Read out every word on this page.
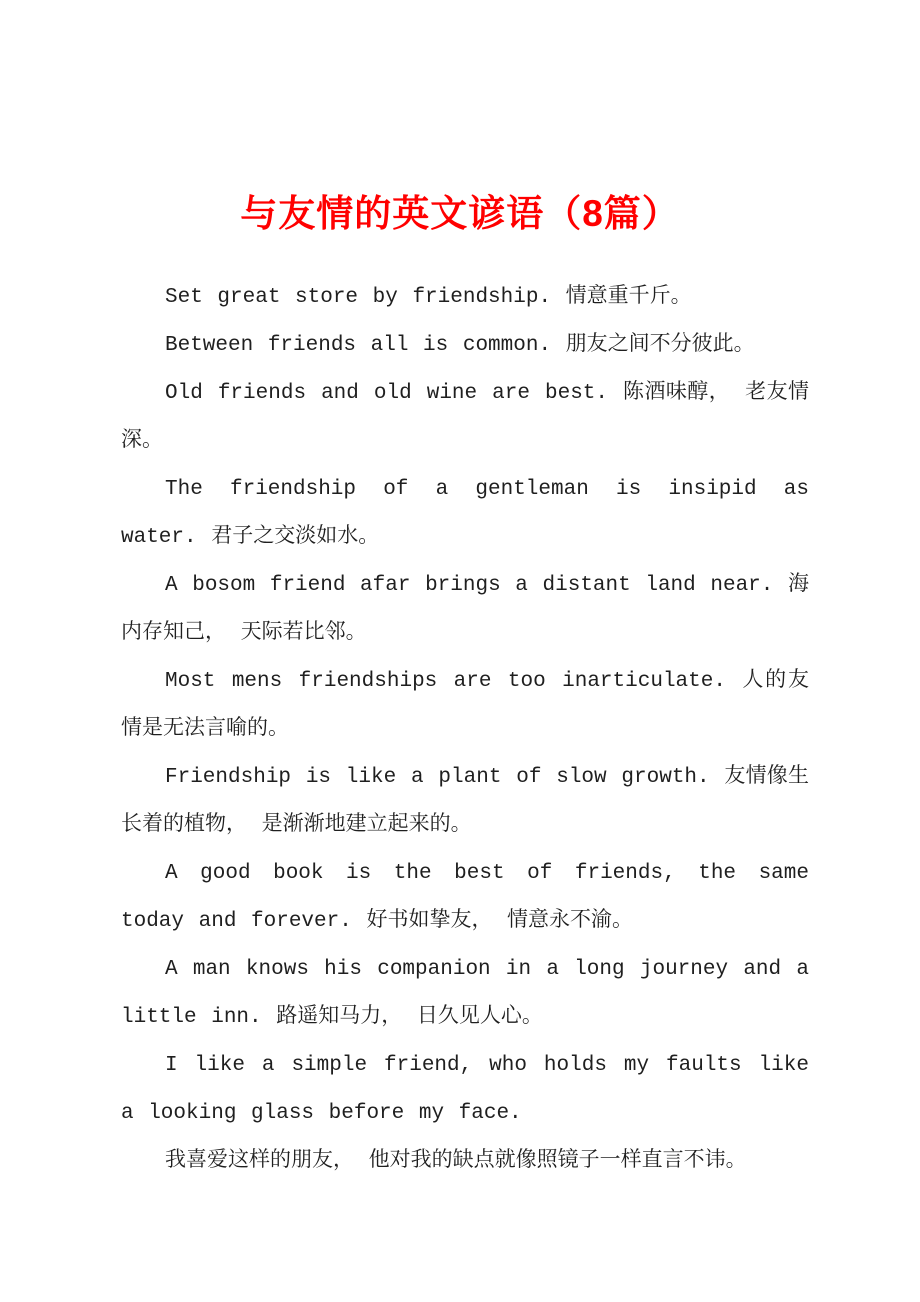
与友情的英文谚语（8篇）

Set great store by friendship. 情意重千斤。

Between friends all is common. 朋友之间不分彼此。

Old friends and old wine are best. 陈酒味醇， 老友情深。

The friendship of a gentleman is insipid as water. 君子之交淡如水。

A bosom friend afar brings a distant land near. 海内存知己， 天际若比邻。

Most mens friendships are too inarticulate. 人的友情是无法言喻的。

Friendship is like a plant of slow growth. 友情像生长着的植物， 是渐渐地建立起来的。

A good book is the best of friends, the same today and forever. 好书如挚友， 情意永不渝。

A man knows his companion in a long journey and a little inn. 路遥知马力， 日久见人心。

I like a simple friend, who holds my faults like a looking glass before my face.

我喜爱这样的朋友， 他对我的缺点就像照镜子一样直言不讳。
